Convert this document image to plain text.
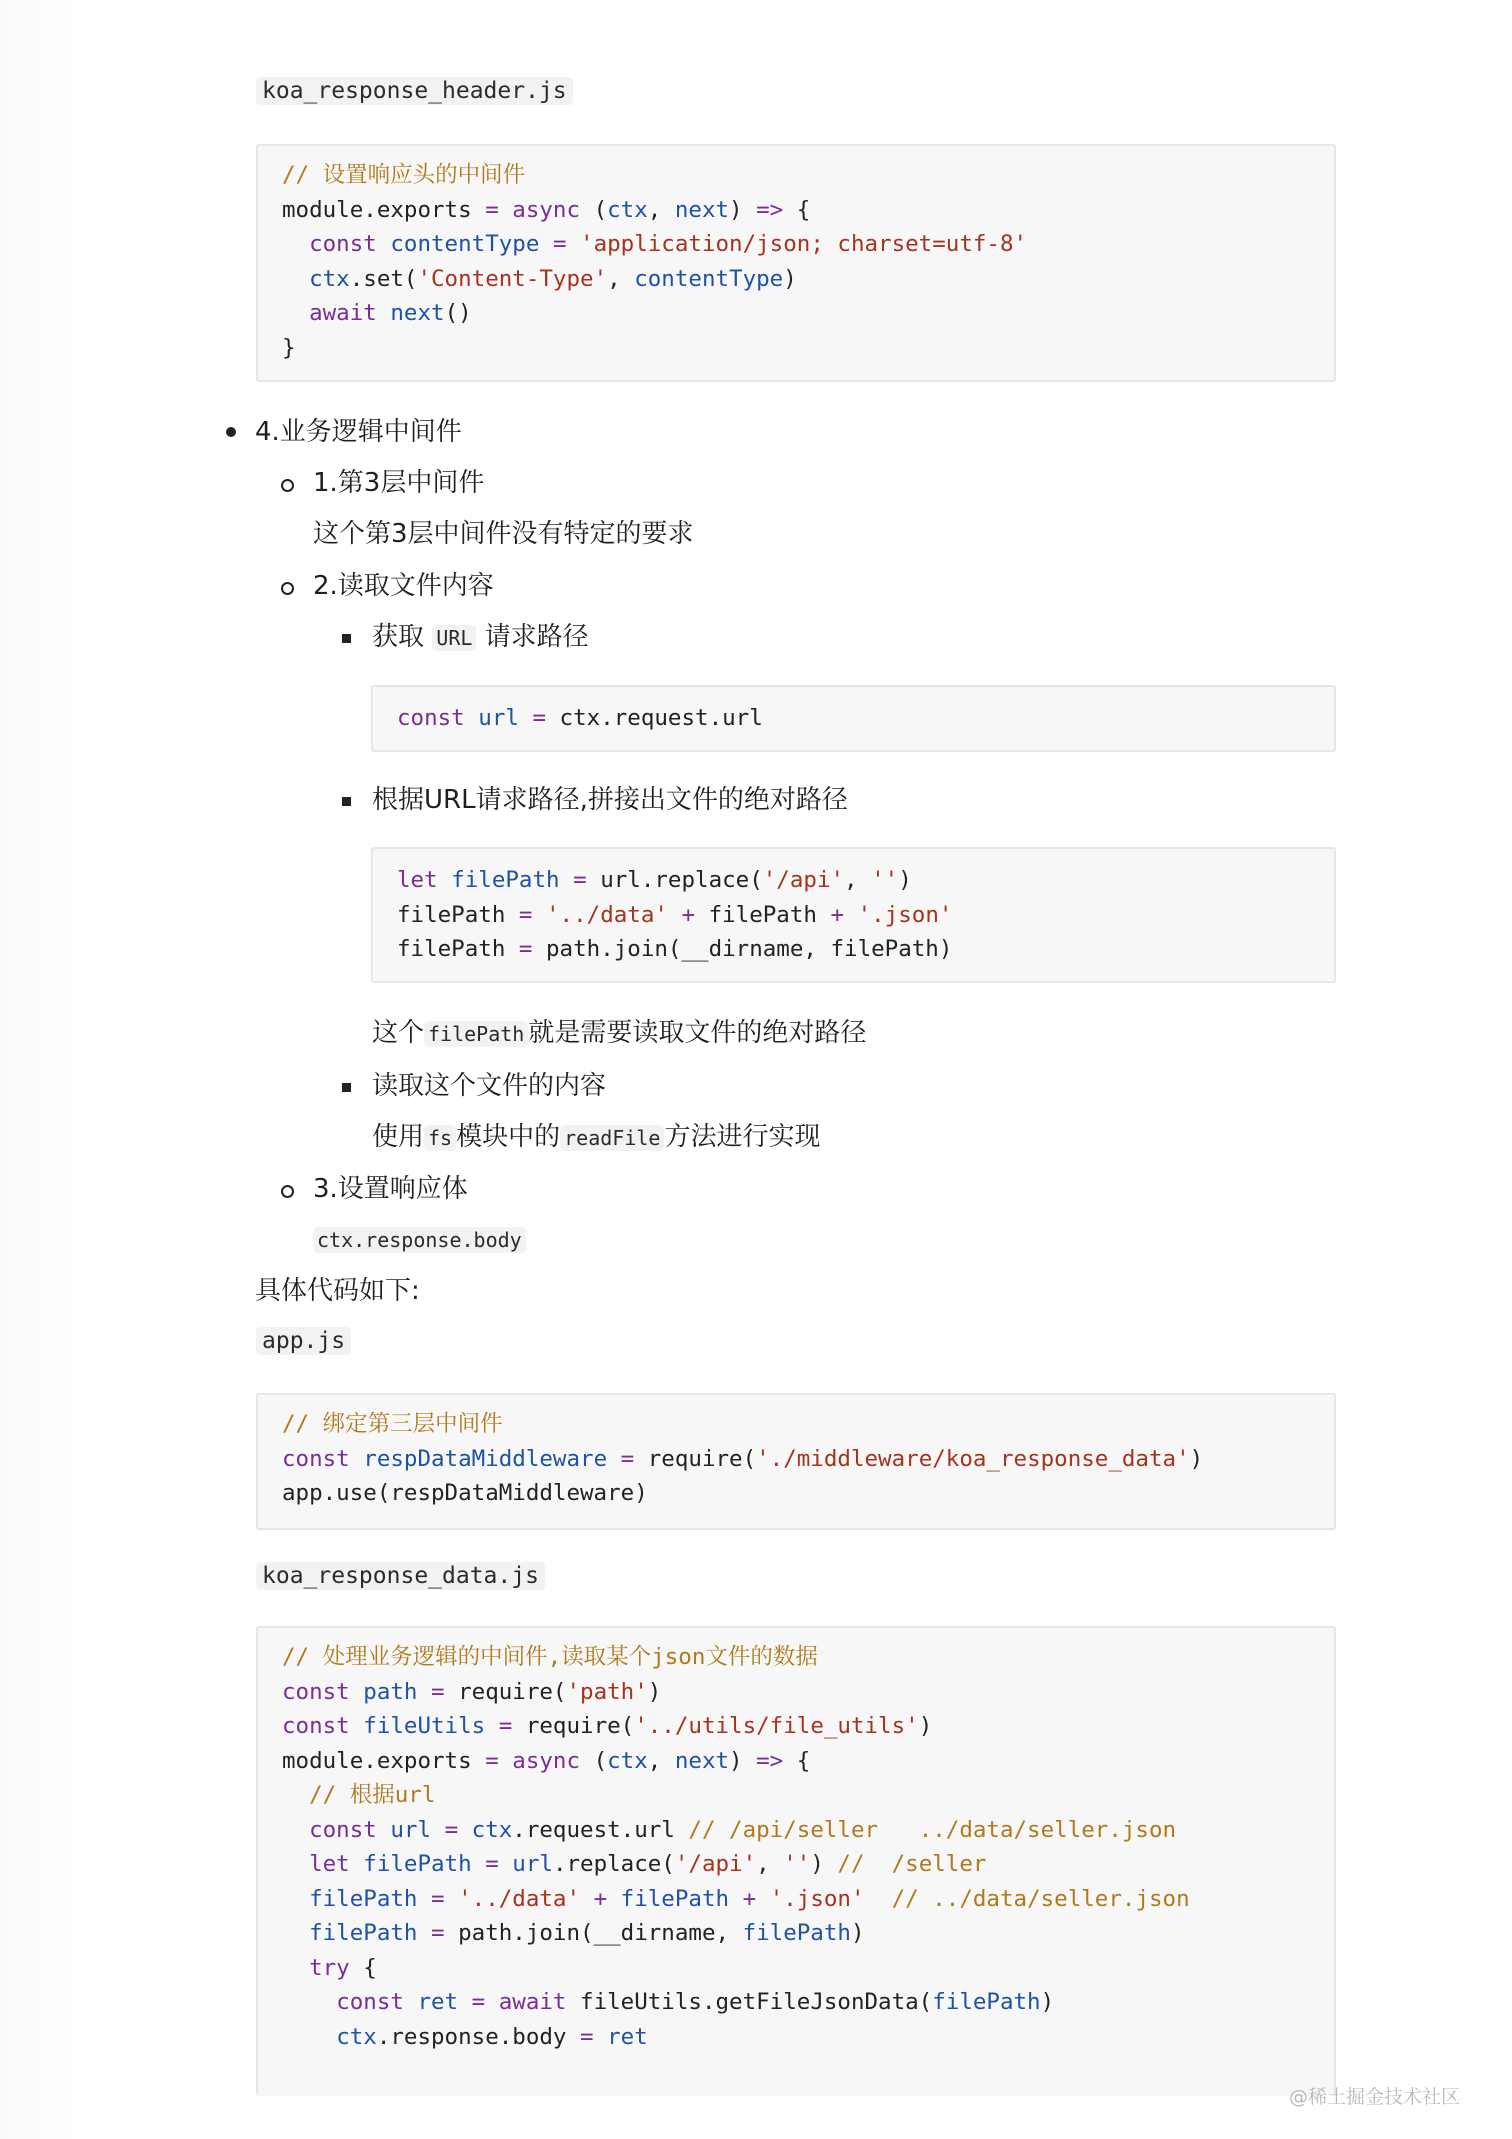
koa_response_header.js
// 设置响应头的中间件
module.exports = async (ctx, next) => {
const contentType = 'application/json; charset=utf-8'
ctx.set('Content-Type', contentType)
await next()
}
4.业务逻辑中间件
1.第3层中间件
这个第3层中间件没有特定的要求
2.读取文件内容
获取 URL 请求路径
const url = ctx.request.url
根据URL请求路径,拼接出文件的绝对路径
let filePath = url.replace('/api', '')
filePath = '../data' + filePath + '.json'
filePath = path.join(__dirname, filePath)
这个 filePath 就是需要读取文件的绝对路径
读取这个文件的内容
使用 fs 模块中的 readFile 方法进行实现
3.设置响应体
ctx.response.body
具体代码如下:
app.js
// 绑定第三层中间件
const respDataMiddleware = require('./middleware/koa_response_data')
app.use(respDataMiddleware)
koa_response_data.js
// 处理业务逻辑的中间件,读取某个json文件的数据
const path = require('path')
const fileUtils = require('../utils/file_utils')
module.exports = async (ctx, next) => {
// 根据url
const url = ctx.request.url // /api/seller   ../data/seller.json
let filePath = url.replace('/api', '') //  /seller
filePath = '../data' + filePath + '.json' // ../data/seller.json
filePath = path.join(__dirname, filePath)
try {
const ret = await fileUtils.getFileJsonData(filePath)
ctx.response.body = ret
@稀土掘金技术社区
